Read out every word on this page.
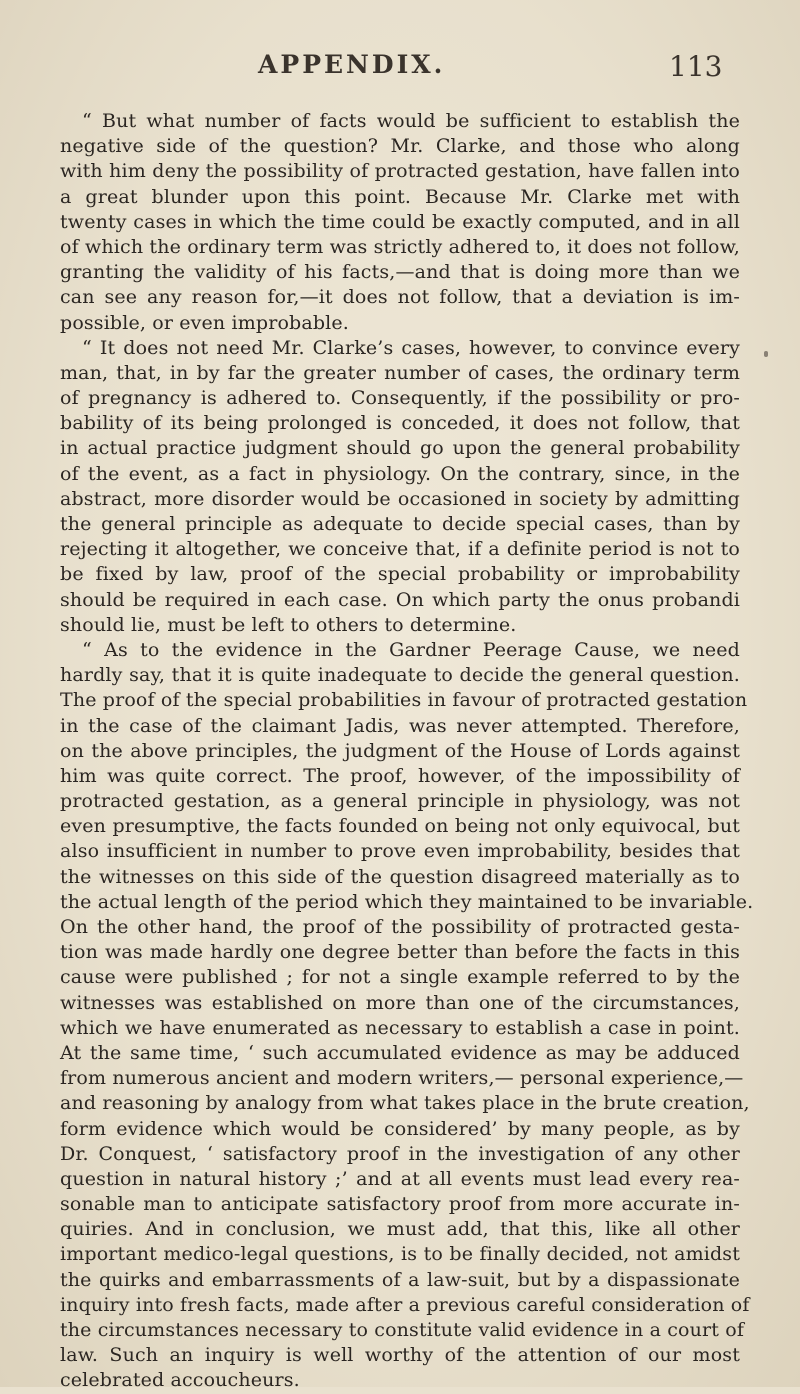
APPENDIX.	113
“ But what number of facts would be sufficient to establish the
negative side of the question? Mr. Clarke, and those who along
with him deny the possibility of protracted gestation, have fallen into
a great blunder upon this point. Because Mr. Clarke met with
twenty cases in which the time could be exactly computed, and in all
of which the ordinary term was strictly adhered to, it does not follow,
granting the validity of his facts,—and that is doing more than we
can see any reason for,—it does not follow, that a deviation is im-
possible, or even improbable.
“ It does not need Mr. Clarke’s cases, however, to convince every
man, that, in by far the greater number of cases, the ordinary term
of pregnancy is adhered to. Consequently, if the possibility or pro-
bability of its being prolonged is conceded, it does not follow, that
in actual practice judgment should go upon the general probability
of the event, as a fact in physiology. On the contrary, since, in the
abstract, more disorder would be occasioned in society by admitting
the general principle as adequate to decide special cases, than by
rejecting it altogether, we conceive that, if a definite period is not to
be fixed by law, proof of the special probability or improbability
should be required in each case. On which party the onus probandi
should lie, must be left to others to determine.
“ As to the evidence in the Gardner Peerage Cause, we need
hardly say, that it is quite inadequate to decide the general question.
The proof of the special probabilities in favour of protracted gestation
in the case of the claimant Jadis, was never attempted. Therefore,
on the above principles, the judgment of the House of Lords against
him was quite correct. The proof, however, of the impossibility of
protracted gestation, as a general principle in physiology, was not
even presumptive, the facts founded on being not only equivocal, but
also insufficient in number to prove even improbability, besides that
the witnesses on this side of the question disagreed materially as to
the actual length of the period which they maintained to be invariable.
On the other hand, the proof of the possibility of protracted gesta-
tion was made hardly one degree better than before the facts in this
cause were published ; for not a single example referred to by the
witnesses was established on more than one of the circumstances,
which we have enumerated as necessary to establish a case in point.
At the same time, ‘ such accumulated evidence as may be adduced
from numerous ancient and modern writers,— personal experience,—
and reasoning by analogy from what takes place in the brute creation,
form evidence which would be considered’ by many people, as by
Dr. Conquest, ‘ satisfactory proof in the investigation of any other
question in natural history ;’ and at all events must lead every rea-
sonable man to anticipate satisfactory proof from more accurate in-
quiries. And in conclusion, we must add, that this, like all other
important medico-legal questions, is to be finally decided, not amidst
the quirks and embarrassments of a law-suit, but by a dispassionate
inquiry into fresh facts, made after a previous careful consideration of
the circumstances necessary to constitute valid evidence in a court of
law. Such an inquiry is well worthy of the attention of our most
celebrated accoucheurs.
